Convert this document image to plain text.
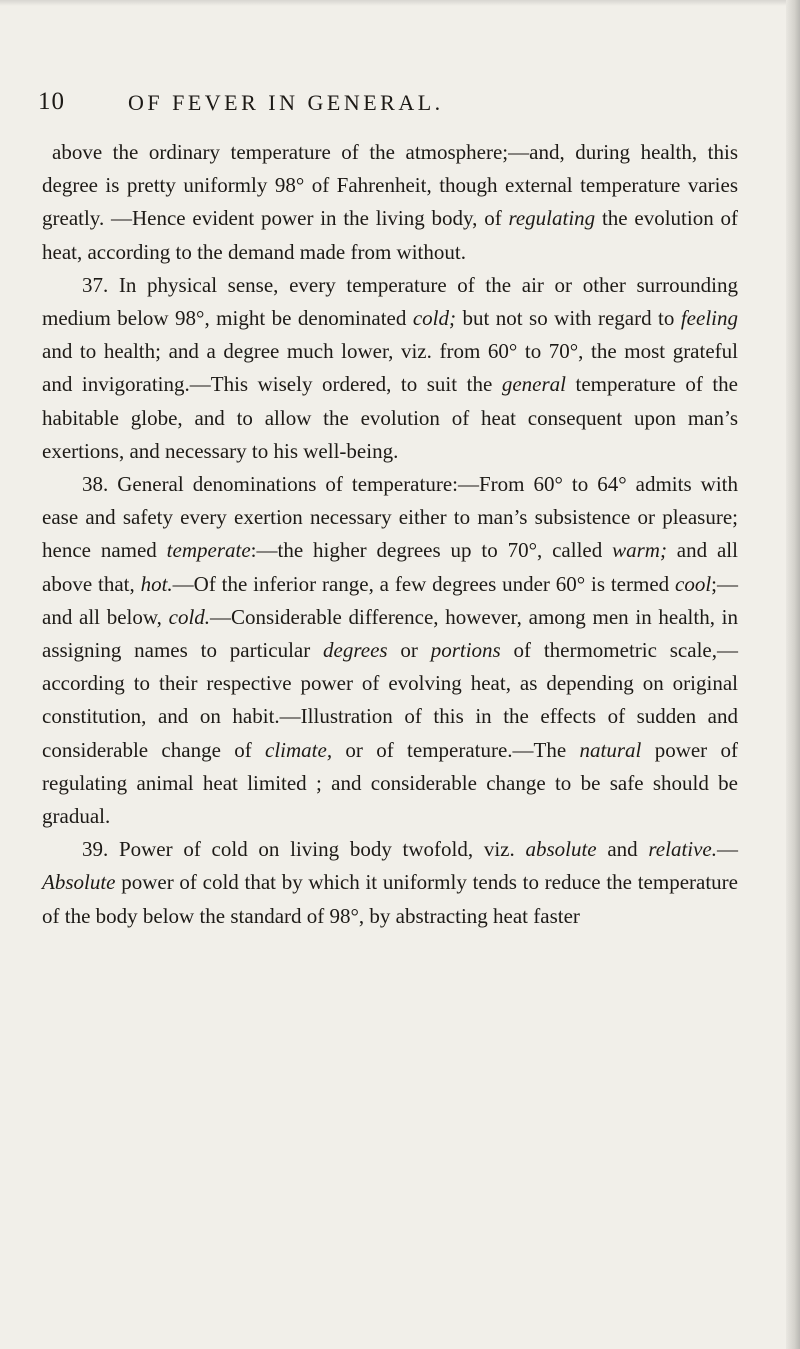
10	OF FEVER IN GENERAL.

above the ordinary temperature of the atmosphere;—and, during health, this degree is pretty uniformly 98° of Fahrenheit, though external temperature varies greatly. —Hence evident power in the living body, of regulating the evolution of heat, according to the demand made from without.

37. In physical sense, every temperature of the air or other surrounding medium below 98°, might be denominated cold; but not so with regard to feeling and to health; and a degree much lower, viz. from 60° to 70°, the most grateful and invigorating.—This wisely ordered, to suit the general temperature of the habitable globe, and to allow the evolution of heat consequent upon man’s exertions, and necessary to his well-being.

38. General denominations of temperature:—From 60° to 64° admits with ease and safety every exertion necessary either to man’s subsistence or pleasure; hence named temperate:—the higher degrees up to 70°, called warm; and all above that, hot.—Of the inferior range, a few degrees under 60° is termed cool;—and all below, cold.—Considerable difference, however, among men in health, in assigning names to particular degrees or portions of thermometric scale,—according to their respective power of evolving heat, as depending on original constitution, and on habit.—Illustration of this in the effects of sudden and considerable change of climate, or of temperature.—The natural power of regulating animal heat limited ; and considerable change to be safe should be gradual.

39. Power of cold on living body twofold, viz. absolute and relative.—Absolute power of cold that by which it uniformly tends to reduce the temperature of the body below the standard of 98°, by abstracting heat faster
